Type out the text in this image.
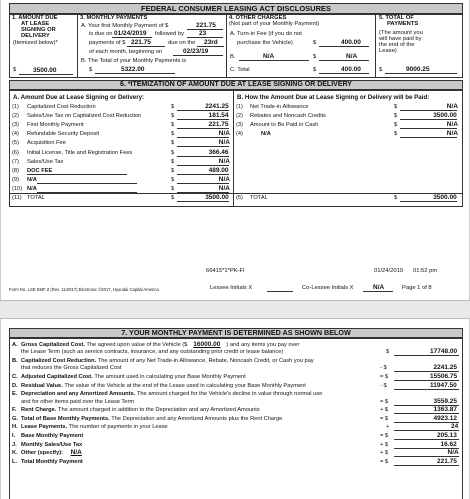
FEDERAL CONSUMER LEASING ACT DISCLOSURES
1. AMOUNT DUE
AT LEASE
SIGNING OR
DELIVERY
(Itemized below)*
$	3500.00
3. MONTHLY PAYMENTS
A. Your first Monthly Payment of $	221.75
is due on 01/24/2019 followed by 23
payments of $ 221.75	due on the 23rd
of each month, beginning on	02/23/19
B. The Total of your Monthly Payments is
$	5322.00
4. OTHER CHARGES
(Not part of your Monthly Payment)
A. Turn-in Fee (if you do not
purchase the Vehicle)	$	400.00
B.	N/A	$	N/A
C. Total	$	400.00
5. TOTAL OF
PAYMENTS
(The amount you
will have paid by
the end of the
Lease)
$	9000.25
6. *ITEMIZATION OF AMOUNT DUE AT LEASE SIGNING OR DELIVERY
A. Amount Due at Lease Signing or Delivery:	B. How the Amount Due at Lease Signing or Delivery will be Paid:
(1) Capitalized Cost Reduction	$	2241.25
(2) Sales/Use Tax on Capitalized Cost Reduction	$	181.54
(3) First Monthly Payment	$	221.75
(4) Refundable Security Deposit	$	N/A
(5) Acquisition Fee	$	N/A
(6) Initial License, Title and Registration Fees	$	366.46
(7) Sales/Use Tax	$	N/A
(8) DOC FEE	$	489.00
(9) N/A	$	N/A
(10) N/A	$	N/A
(11) TOTAL	$	3500.00
(1) Net Trade-in Allowance	$	N/A
(2) Rebates and Noncash Credits	$	3500.00
(3) Amount to Be Paid in Cash	$	N/A
(4)	N/A	$	N/A
(5) TOTAL	$	3500.00
66415*1*PK-FI	01/24/2019 01:52 pm
Form No. LSE KMF Z (Rev. 11/2017) Electronic ©2017, Hyundai Capital America	Lessee Initials X	Co-Lessee Initials X	N/A	Page 1 of 8
7. YOUR MONTHLY PAYMENT IS DETERMINED AS SHOWN BELOW
A. Gross Capitalized Cost. The agreed upon value of the Vehicle ($ 16000.00 ) and any items you pay over
the Lease Term (such as service contracts, insurance, and any outstanding prior credit or lease balance)	$	17748.00
B. Capitalized Cost Reduction. The amount of any Net Trade-in Allowance, Rebate, Noncash Credit, or Cash you pay
that reduces the Gross Capitalized Cost	- $	2241.25
C. Adjusted Capitalized Cost. The amount used in calculating your Base Monthly Payment	= $	15506.75
D. Residual Value. The value of the Vehicle at the end of the Lease used in calculating your Base Monthly Payment	- $	11947.50
E. Depreciation and any Amortized Amounts. The amount charged for the Vehicle's decline in value through normal use
and for other items paid over the Lease Term	= $	3559.25
F. Rent Charge. The amount charged in addition to the Depreciation and any Amortized Amounts	+ $	1363.87
G. Total of Base Monthly Payments. The Depreciation and any Amortized Amounts plus the Rent Charge	= $	4923.12
H. Lease Payments. The number of payments in your Lease	+	24
I. Base Monthly Payment	= $	205.13
J. Monthly Sales/Use Tax	+ $	16.62
K. Other (specify): N/A	+ $	N/A
L. Total Monthly Payment	= $	221.75
